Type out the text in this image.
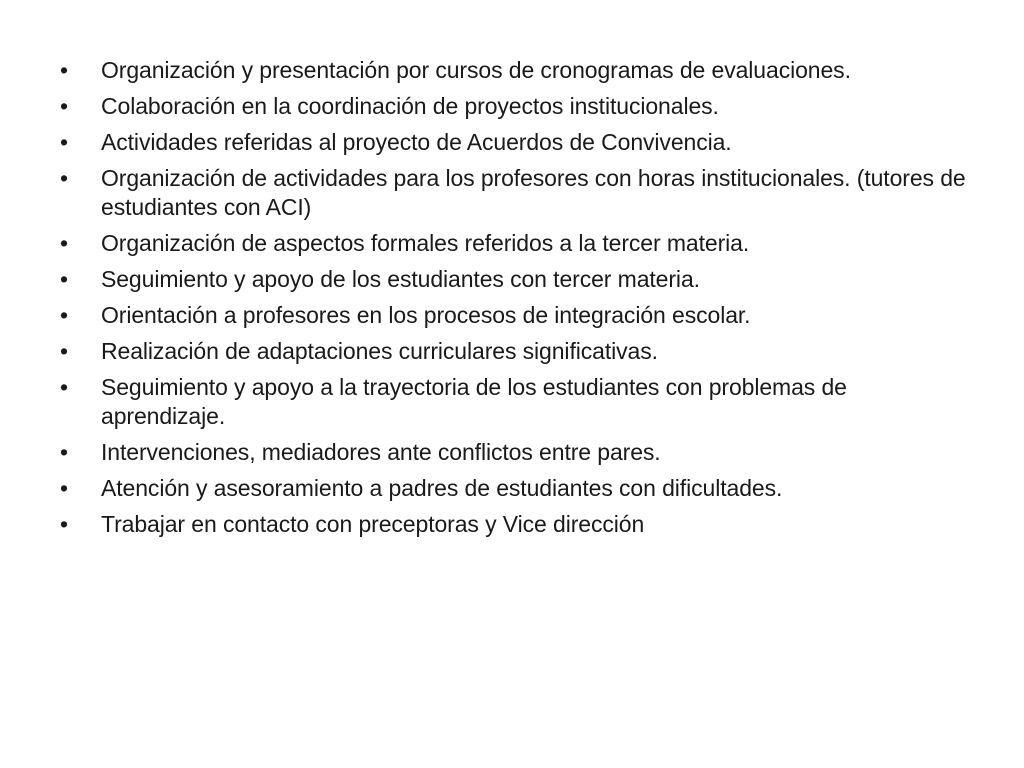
•	Organización y presentación por cursos de cronogramas de evaluaciones.
•	Colaboración en la coordinación de proyectos institucionales.
•	Actividades referidas al proyecto de Acuerdos de Convivencia.
•	Organización de actividades para los profesores con horas institucionales. (tutores de estudiantes con ACI)
•	Organización de aspectos formales referidos a la tercer materia.
•	Seguimiento y apoyo de los estudiantes con tercer materia.
•	Orientación a profesores en los procesos de integración escolar.
•	Realización de adaptaciones curriculares significativas.
•	Seguimiento y apoyo a la trayectoria de los estudiantes con problemas de aprendizaje.
•	Intervenciones, mediadores ante conflictos entre pares.
•	Atención y asesoramiento a padres de estudiantes con dificultades.
•	Trabajar en contacto con preceptoras y Vice dirección
